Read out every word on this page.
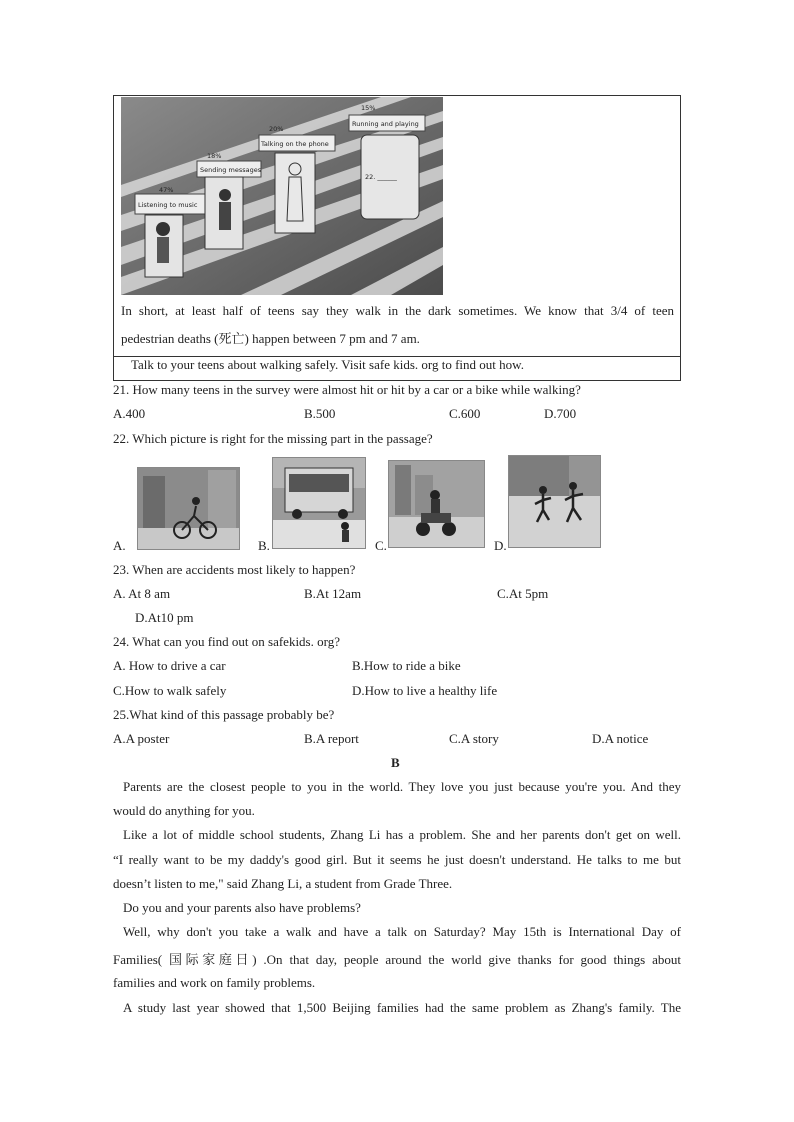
47%
Listening to music
18%
Sending messages
20%
Talking on the phone
15%
Running and playing
22. ______
In short, at least half of teens say they walk in the dark sometimes. We know that 3/4 of teen
pedestrian deaths (死亡) happen between 7 pm and 7 am.
Talk to your teens about walking safely. Visit safe kids. org to find out how.
21. How many teens in the survey were almost hit or hit by a car or a bike while walking?
A.400	B.500	C.600	D.700
22. Which picture is right for the missing part in the passage?
A.	B.	C.	D.
23. When are accidents most likely to happen?
A. At 8 am	B.At 12am	C.At 5pm
D.At10 pm
24. What can you find out on safekids. org?
A. How to drive a car	B.How to ride a bike
C.How to walk safely	D.How to live a healthy life
25.What kind of this passage probably be?
A.A poster	B.A report	C.A story	D.A notice
B
Parents are the closest people to you in the world. They love you just because you're you. And they
would do anything for you.
Like a lot of middle school students, Zhang Li has a problem. She and her parents don't get on well.
“I really want to be my daddy's good girl. But it seems he just doesn't understand. He talks to me but
doesn’t listen to me," said Zhang Li, a student from Grade Three.
Do you and your parents also have problems?
Well, why don't you take a walk and have a talk on Saturday? May 15th is International Day of
Families( 国际家庭日) .On that day, people around the world give thanks for good things about
families and work on family problems.
A study last year showed that 1,500 Beijing families had the same problem as Zhang's family. The
